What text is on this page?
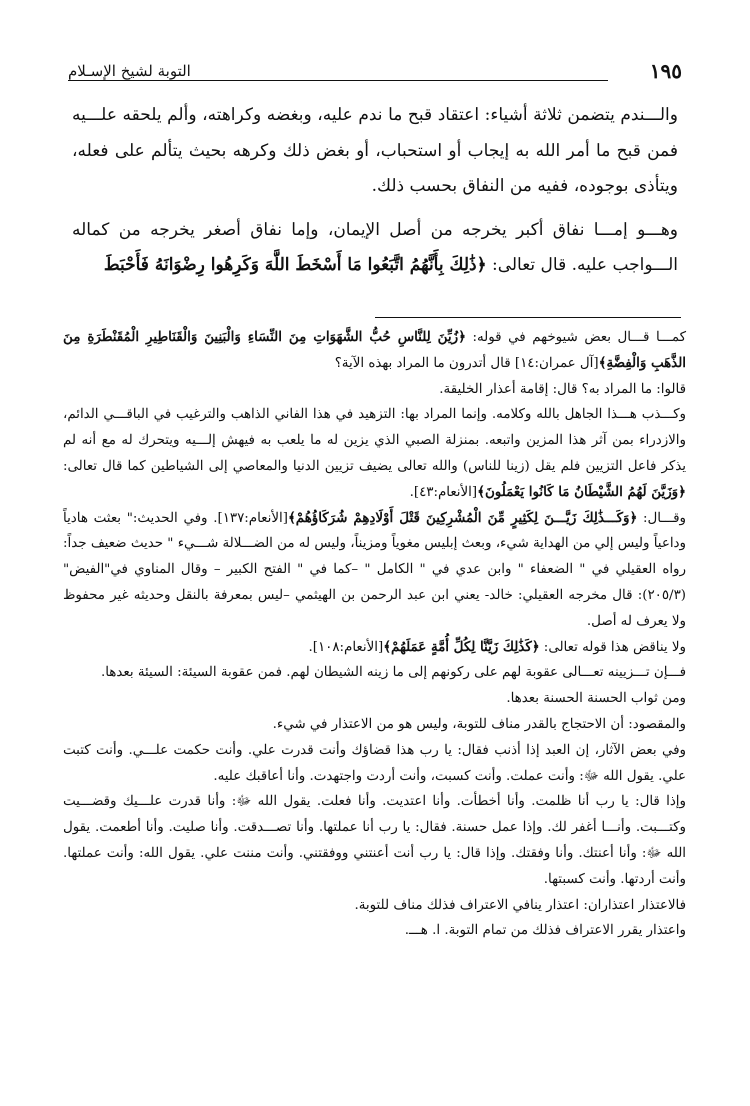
١٩٥
التوبة لشيخ الإسـلام

والـــندم يتضمن ثلاثة أشياء: اعتقاد قبح ما ندم عليه، وبغضه وكراهته، وألم يلحقه علـــيه فمن قبح ما أمر الله به إيجاب أو استحباب، أو بغض ذلك وكرهه بحيث يتألم على فعله، ويتأذى بوجوده، ففيه من النفاق بحسب ذلك.

وهـــو إمـــا نفاق أكبر يخرجه من أصل الإيمان، وإما نفاق أصغر يخرجه من كماله الـــواجب عليه. قال تعالى: ﴿ذَٰلِكَ بِأَنَّهُمُ اتَّبَعُوا مَا أَسْخَطَ اللَّهَ وَكَرِهُوا رِضْوَانَهُ فَأَحْبَطَ

كمـــا قـــال بعض شيوخهم في قوله: ﴿زُيِّنَ لِلنَّاسِ حُبُّ الشَّهَوَاتِ مِنَ النِّسَاءِ وَالْبَنِينَ وَالْقَنَاطِيرِ الْمُقَنْطَرَةِ مِنَ الذَّهَبِ وَالْفِضَّةِ﴾[آل عمران:١٤] قال أتدرون ما المراد بهذه الآية؟

قالوا: ما المراد به؟ قال: إقامة أعذار الخليقة.

وكـــذب هـــذا الجاهل بالله وكلامه. وإنما المراد بها: التزهيد في هذا الفاني الذاهب والترغيب في الباقـــي الدائم، والازدراء بمن آثر هذا المزين واتبعه. بمنزلة الصبي الذي يزين له ما يلعب به فيهش إلـــيه ويتحرك له مع أنه لم يذكر فاعل التزيين فلم يقل (زينا للناس) والله تعالى يضيف تزيين الدنيا والمعاصي إلى الشياطين كما قال تعالى: ﴿وَزَيَّنَ لَهُمُ الشَّيْطَانُ مَا كَانُوا يَعْمَلُونَ﴾[الأنعام:٤٣].

وقـــال: ﴿وَكَـــذَٰلِكَ زَيَّـــنَ لِكَثِيرٍ مِّنَ الْمُشْرِكِينَ قَتْلَ أَوْلَادِهِمْ شُرَكَاؤُهُمْ﴾[الأنعام:١٣٧]. وفي الحديث:" بعثت هادياً وداعياً وليس إلي من الهداية شيء، وبعث إبليس مغوياً ومزيناً، وليس له من الضـــلالة شـــيء " حديث ضعيف جداً: رواه العقيلي في " الضعفاء " وابن عدي في " الكامل " –كما في " الفتح الكبير – وقال المناوي في"الفيض" (٢٠٥/٣): قال مخرجه العقيلي: خالد- يعني ابن عبد الرحمن بن الهيثمي –ليس بمعرفة بالنقل وحديثه غير محفوظ ولا يعرف له أصل.

ولا يناقض هذا قوله تعالى: ﴿كَذَٰلِكَ زَيَّنَّا لِكُلِّ أُمَّةٍ عَمَلَهُمْ﴾[الأنعام:١٠٨].

فـــإن تـــزيينه تعـــالى عقوبة لهم على ركونهم إلى ما زينه الشيطان لهم. فمن عقوبة السيئة: السيئة بعدها.

ومن ثواب الحسنة الحسنة بعدها.

والمقصود: أن الاحتجاج بالقدر مناف للتوبة، وليس هو من الاعتذار في شيء.

وفي بعض الآثار، إن العبد إذا أذنب فقال: يا رب هذا قضاؤك وأنت قدرت علي. وأنت حكمت علـــي. وأنت كتبت علي. يقول الله ﷻ: وأنت عملت. وأنت كسبت، وأنت أردت واجتهدت. وأنا أعاقبك عليه.

وإذا قال: يا رب أنا ظلمت. وأنا أخطأت. وأنا اعتديت. وأنا فعلت. يقول الله ﷻ: وأنا قدرت علـــيك وقضـــيت وكتـــبت. وأنـــا أغفر لك. وإذا عمل حسنة. فقال: يا رب أنا عملتها. وأنا تصـــدقت. وأنا صليت. وأنا أطعمت. يقول الله ﷻ: وأنا أعنتك. وأنا وفقتك. وإذا قال: يا رب أنت أعنتني ووفقتني. وأنت مننت علي. يقول الله: وأنت عملتها. وأنت أردتها. وأنت كسبتها.

فالاعتذار اعتذاران: اعتذار ينافي الاعتراف فذلك مناف للتوبة.

واعتذار يقرر الاعتراف فذلك من تمام التوبة. ا. هـــ.
